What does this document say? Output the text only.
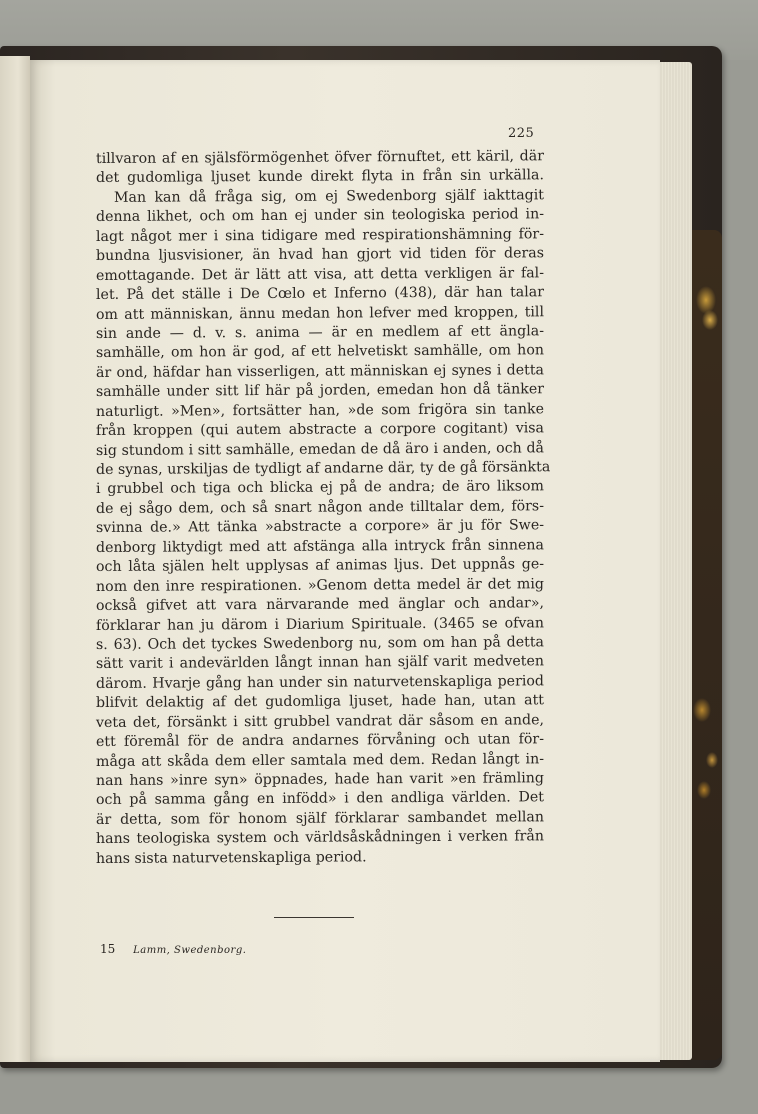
225
tillvaron af en själsförmögenhet öfver förnuftet, ett käril, där
det gudomliga ljuset kunde direkt flyta in från sin urkälla.
Man kan då fråga sig, om ej Swedenborg själf iakttagit
denna likhet, och om han ej under sin teologiska period in-
lagt något mer i sina tidigare med respirationshämning för-
bundna ljusvisioner, än hvad han gjort vid tiden för deras
emottagande. Det är lätt att visa, att detta verkligen är fal-
let. På det ställe i De Cœlo et Inferno (438), där han talar
om att människan, ännu medan hon lefver med kroppen, till
sin ande — d. v. s. anima — är en medlem af ett ängla-
samhälle, om hon är god, af ett helvetiskt samhälle, om hon
är ond, häfdar han visserligen, att människan ej synes i detta
samhälle under sitt lif här på jorden, emedan hon då tänker
naturligt. »Men», fortsätter han, »de som frigöra sin tanke
från kroppen (qui autem abstracte a corpore cogitant) visa
sig stundom i sitt samhälle, emedan de då äro i anden, och då
de synas, urskiljas de tydligt af andarne där, ty de gå försänkta
i grubbel och tiga och blicka ej på de andra; de äro liksom
de ej sågo dem, och så snart någon ande tilltalar dem, förs-
svinna de.» Att tänka »abstracte a corpore» är ju för Swe-
denborg liktydigt med att afstänga alla intryck från sinnena
och låta själen helt upplysas af animas ljus. Det uppnås ge-
nom den inre respirationen. »Genom detta medel är det mig
också gifvet att vara närvarande med änglar och andar»,
förklarar han ju därom i Diarium Spirituale. (3465 se ofvan
s. 63). Och det tyckes Swedenborg nu, som om han på detta
sätt varit i andevärlden långt innan han själf varit medveten
därom. Hvarje gång han under sin naturvetenskapliga period
blifvit delaktig af det gudomliga ljuset, hade han, utan att
veta det, försänkt i sitt grubbel vandrat där såsom en ande,
ett föremål för de andra andarnes förvåning och utan för-
måga att skåda dem eller samtala med dem. Redan långt in-
nan hans »inre syn» öppnades, hade han varit »en främling
och på samma gång en infödd» i den andliga världen. Det
är detta, som för honom själf förklarar sambandet mellan
hans teologiska system och världsåskådningen i verken från
hans sista naturvetenskapliga period.
15 Lamm, Swedenborg.
